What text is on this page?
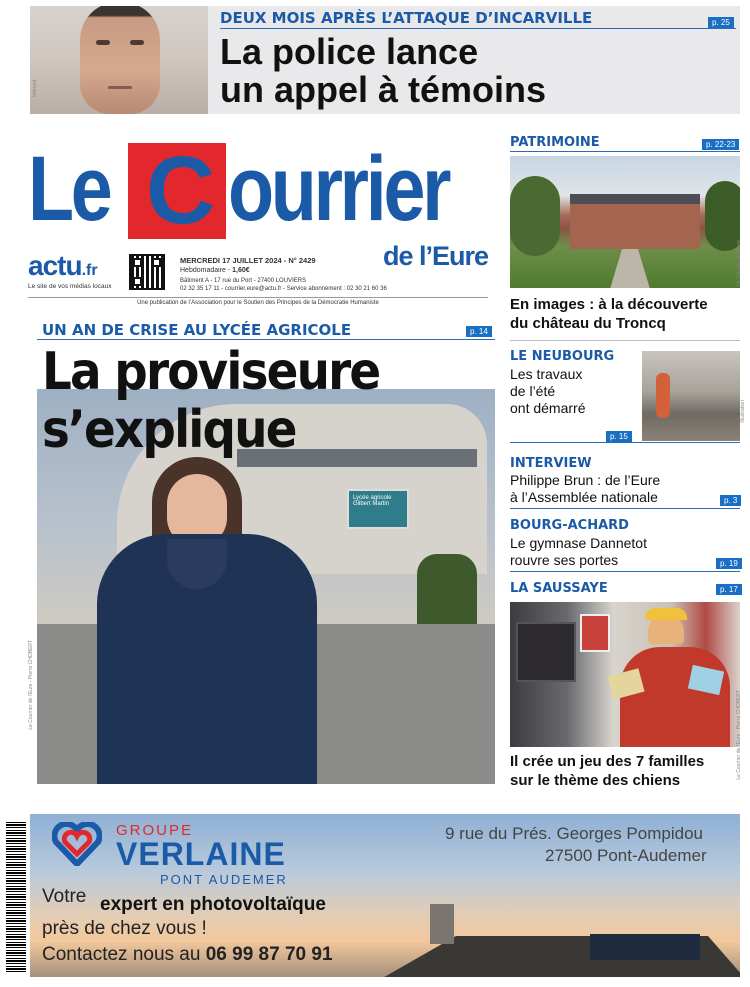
Interpol
DEUX MOIS APRÈS L’ATTAQUE D’INCARVILLE	p. 25
La police lance
un appel à témoins
Le C ourrier
de l’Eure
actu.fr
Le site de vos médias locaux
MERCREDI 17 JUILLET 2024 - N° 2429
Hebdomadaire - 1,60€
Bâtiment A - 17 rue du Port - 27400 LOUVIERS
02 32 35 17 11 - courrier.eure@actu.fr - Service abonnement : 02 30 21 60 36
Une publication de l’Association pour le Soutien des Principes de la Démocratie Humaniste
UN AN DE CRISE AU LYCÉE AGRICOLE	p. 14
Lycée agricole Gilbert Martin
Le Courrier de l’Eure - Pierre CHOBERT
La proviseure
s’explique
PATRIMOINE	p. 22-23
Le Courrier de l’Eure
En images : à la découverte
du château du Troncq
LE NEUBOURG
Les travaux
de l’été
ont démarré	Illustration
p. 15
INTERVIEW
Philippe Brun : de l’Eure
à l’Assemblée nationale	p. 3
BOURG-ACHARD
Le gymnase Dannetot
rouvre ses portes	p. 19
LA SAUSSAYE	p. 17
Le Courrier de l’Eure - Pierre CHOBERT
Il crée un jeu des 7 familles
sur le thème des chiens
GROUPE
VERLAINE
PONT AUDEMER
9 rue du Prés. Georges Pompidou
27500 Pont-Audemer
Votre expert en photovoltaïque
près de chez vous !
Contactez nous au 06 99 87 70 91
